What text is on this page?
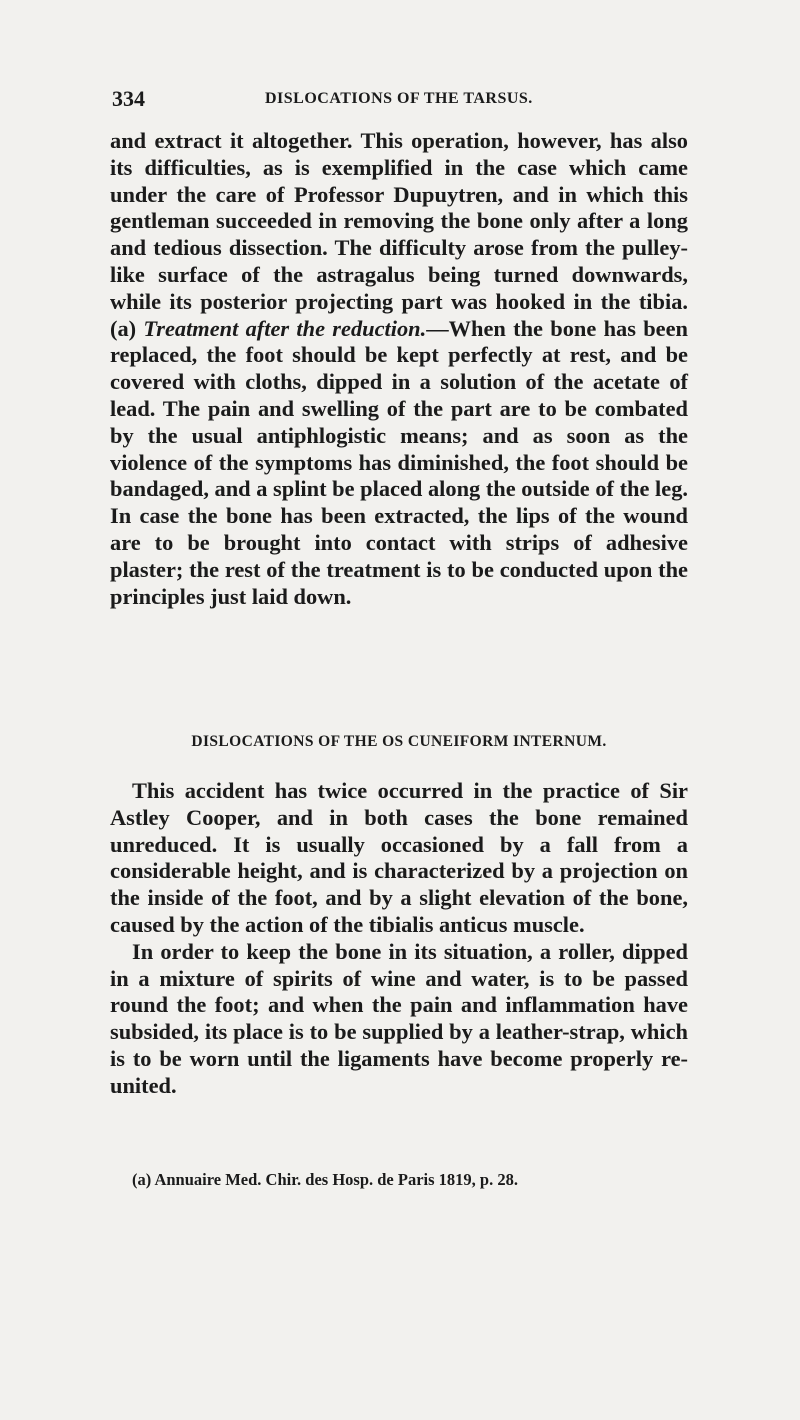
334	DISLOCATIONS OF THE TARSUS.

and extract it altogether. This operation, however, has also its difficulties, as is exemplified in the case which came under the care of Professor Dupuytren, and in which this gentleman succeeded in removing the bone only after a long and tedious dissection. The difficulty arose from the pulley-like surface of the astragalus being turned downwards, while its posterior projecting part was hooked in the tibia.(a) Treatment after the reduction.—When the bone has been replaced, the foot should be kept perfectly at rest, and be covered with cloths, dipped in a solution of the acetate of lead. The pain and swelling of the part are to be combated by the usual antiphlogistic means; and as soon as the violence of the symptoms has diminished, the foot should be bandaged, and a splint be placed along the outside of the leg. In case the bone has been extracted, the lips of the wound are to be brought into contact with strips of adhesive plaster; the rest of the treatment is to be conducted upon the principles just laid down.

DISLOCATIONS OF THE OS CUNEIFORM INTERNUM.

This accident has twice occurred in the practice of Sir Astley Cooper, and in both cases the bone remained unreduced. It is usually occasioned by a fall from a considerable height, and is characterized by a projection on the inside of the foot, and by a slight elevation of the bone, caused by the action of the tibialis anticus muscle.

In order to keep the bone in its situation, a roller, dipped in a mixture of spirits of wine and water, is to be passed round the foot; and when the pain and inflammation have subsided, its place is to be supplied by a leather-strap, which is to be worn until the ligaments have become properly re-united.

(a) Annuaire Med. Chir. des Hosp. de Paris 1819, p. 28.
